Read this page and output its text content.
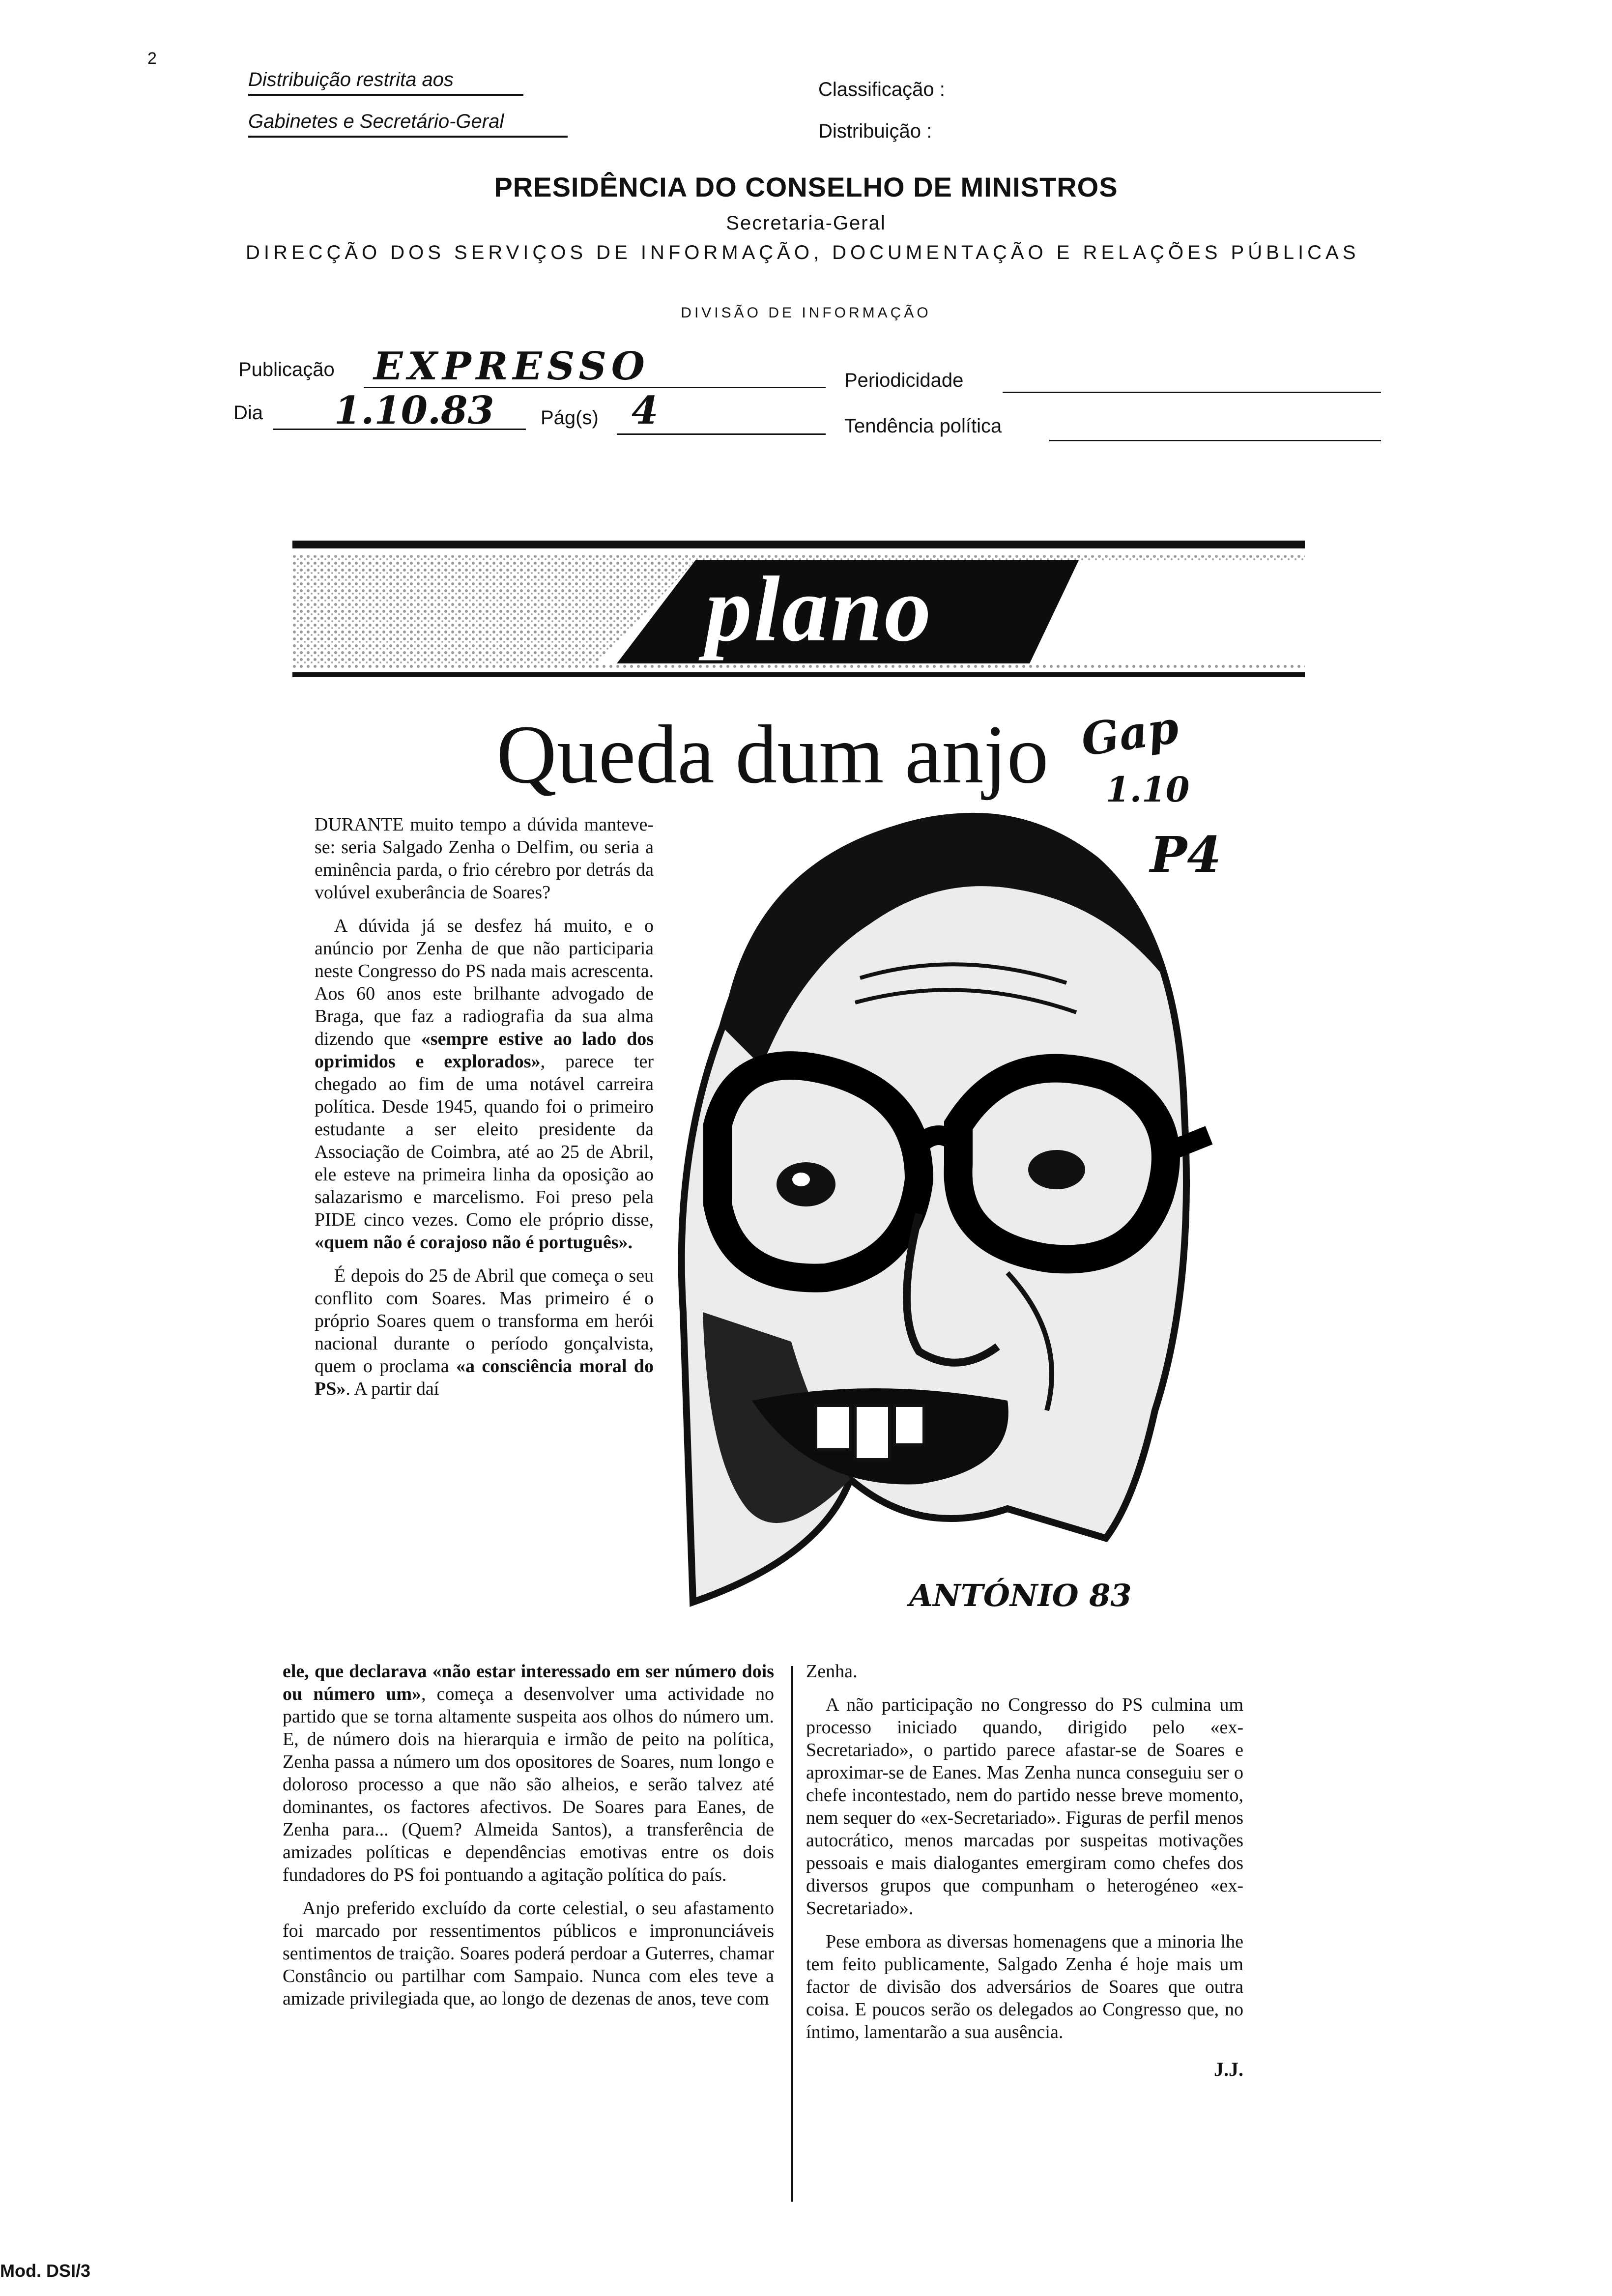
2
Distribuição restrita aos
Gabinetes e Secretário-Geral
Classificação :
Distribuição :
PRESIDÊNCIA DO CONSELHO DE MINISTROS
Secretaria-Geral
DIRECÇÃO DOS SERVIÇOS DE INFORMAÇÃO, DOCUMENTAÇÃO E RELAÇÕES PÚBLICAS
DIVISÃO DE INFORMAÇÃO
Publicação EXPRESSO	Periodicidade
Dia 1.10.83 Pág(s) 4	Tendência política
plano
Queda dum anjo Gap
1.10
P4
ANTÓNIO 83

DURANTE muito tempo a dúvida manteve-se: seria Salgado Zenha o Delfim, ou seria a eminência parda, o frio cérebro por detrás da volúvel exuberância de Soares?

A dúvida já se desfez há muito, e o anúncio por Zenha de que não participaria neste Congresso do PS nada mais acrescenta. Aos 60 anos este brilhante advogado de Braga, que faz a radiografia da sua alma dizendo que «sempre estive ao lado dos oprimidos e explorados», parece ter chegado ao fim de uma notável carreira política. Desde 1945, quando foi o primeiro estudante a ser eleito presidente da Associação de Coimbra, até ao 25 de Abril, ele esteve na primeira linha da oposição ao salazarismo e marcelismo. Foi preso pela PIDE cinco vezes. Como ele próprio disse, «quem não é corajoso não é português».

É depois do 25 de Abril que começa o seu conflito com Soares. Mas primeiro é o próprio Soares quem o transforma em herói nacional durante o período gonçalvista, quem o proclama «a consciência moral do PS». A partir daí

ele, que declarava «não estar interessado em ser número dois ou número um», começa a desenvolver uma actividade no partido que se torna altamente suspeita aos olhos do número um. E, de número dois na hierarquia e irmão de peito na política, Zenha passa a número um dos opositores de Soares, num longo e doloroso processo a que não são alheios, e serão talvez até dominantes, os factores afectivos. De Soares para Eanes, de Zenha para... (Quem? Almeida Santos), a transferência de amizades políticas e dependências emotivas entre os dois fundadores do PS foi pontuando a agitação política do país.

Anjo preferido excluído da corte celestial, o seu afastamento foi marcado por ressentimentos públicos e impronunciáveis sentimentos de traição. Soares poderá perdoar a Guterres, chamar Constâncio ou partilhar com Sampaio. Nunca com eles teve a amizade privilegiada que, ao longo de dezenas de anos, teve com

Zenha.

A não participação no Congresso do PS culmina um processo iniciado quando, dirigido pelo «ex-Secretariado», o partido parece afastar-se de Soares e aproximar-se de Eanes. Mas Zenha nunca conseguiu ser o chefe incontestado, nem do partido nesse breve momento, nem sequer do «ex-Secretariado». Figuras de perfil menos autocrático, menos marcadas por suspeitas motivações pessoais e mais dialogantes emergiram como chefes dos diversos grupos que compunham o heterogéneo «ex-Secretariado».

Pese embora as diversas homenagens que a minoria lhe tem feito publicamente, Salgado Zenha é hoje mais um factor de divisão dos adversários de Soares que outra coisa. E poucos serão os delegados ao Congresso que, no íntimo, lamentarão a sua ausência.

J.J.
Mod. DSI/3
